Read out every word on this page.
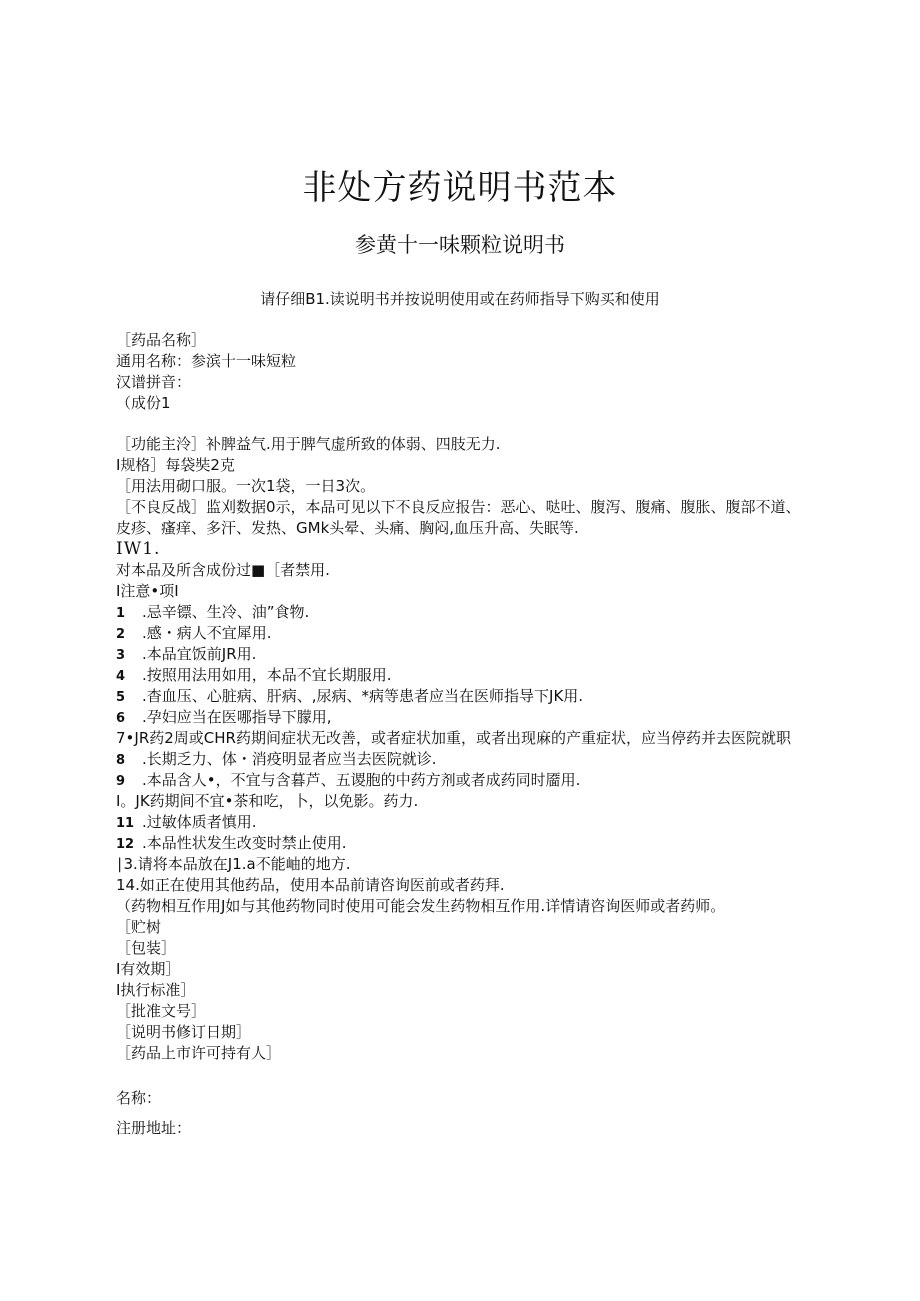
非处方药说明书范本
参黄十一味颗粒说明书
请仔细B1.读说明书并按说明使用或在药师指导下购买和使用
［药品名称］
通用名称：参滨十一味短粒
汉谱拼音：
（成份1
［功能主泠］补脾益气.用于脾气虚所致的体弱、四肢无力.
I规格］每袋奘2克
［用法用砌口服。一次1袋，一日3次。
［不良反战］监刈数据0示，本品可见以下不良反应报告：恶心、哒吐、腹泻、腹痛、腹胀、腹部不道、皮疹、瘙痒、多汗、发热、GMk头晕、头痛、胸闷,血压升高、失眠等.
IW1.
对本品及所含成份过■［者禁用.
I注意•项I
1 .忌辛镖、生冷、油”食物.
2 .感・病人不宜犀用.
3 .本品宜饭前JR用.
4 .按照用法用如用，本品不宜长期服用.
5 .杳血压、心脏病、肝病、,尿病、*病等患者应当在医师指导下JK用.
6 .孕妇应当在医哪指导下朦用,
7•JR药2周或CHR药期间症状无改善，或者症状加重，或者出现麻的产重症状，应当停药并去医院就职
8 .长期乏力、体・消疫明显者应当去医院就诊.
9 .本品含人•，不宜与含暮芦、五谡胞的中药方剂或者成药同时靥用.
I。JK药期间不宜•茶和吃，卜，以免影。药力.
11 .过敏体质者慎用.
12 .本品性状发生改变时禁止使用.
∣3.请将本品放在J1.a不能岫的地方.
14.如正在使用其他药品，使用本品前请咨询医前或者药拜.
（药物相互作用J如与其他药物同时使用可能会发生药物相互作用.详情请咨询医师或者药师。
［贮树
［包装］
I有效期］
I执行标准］
［批准文号］
［说明书修订日期］
［药品上市许可持有人］
名称：
注册地址：
